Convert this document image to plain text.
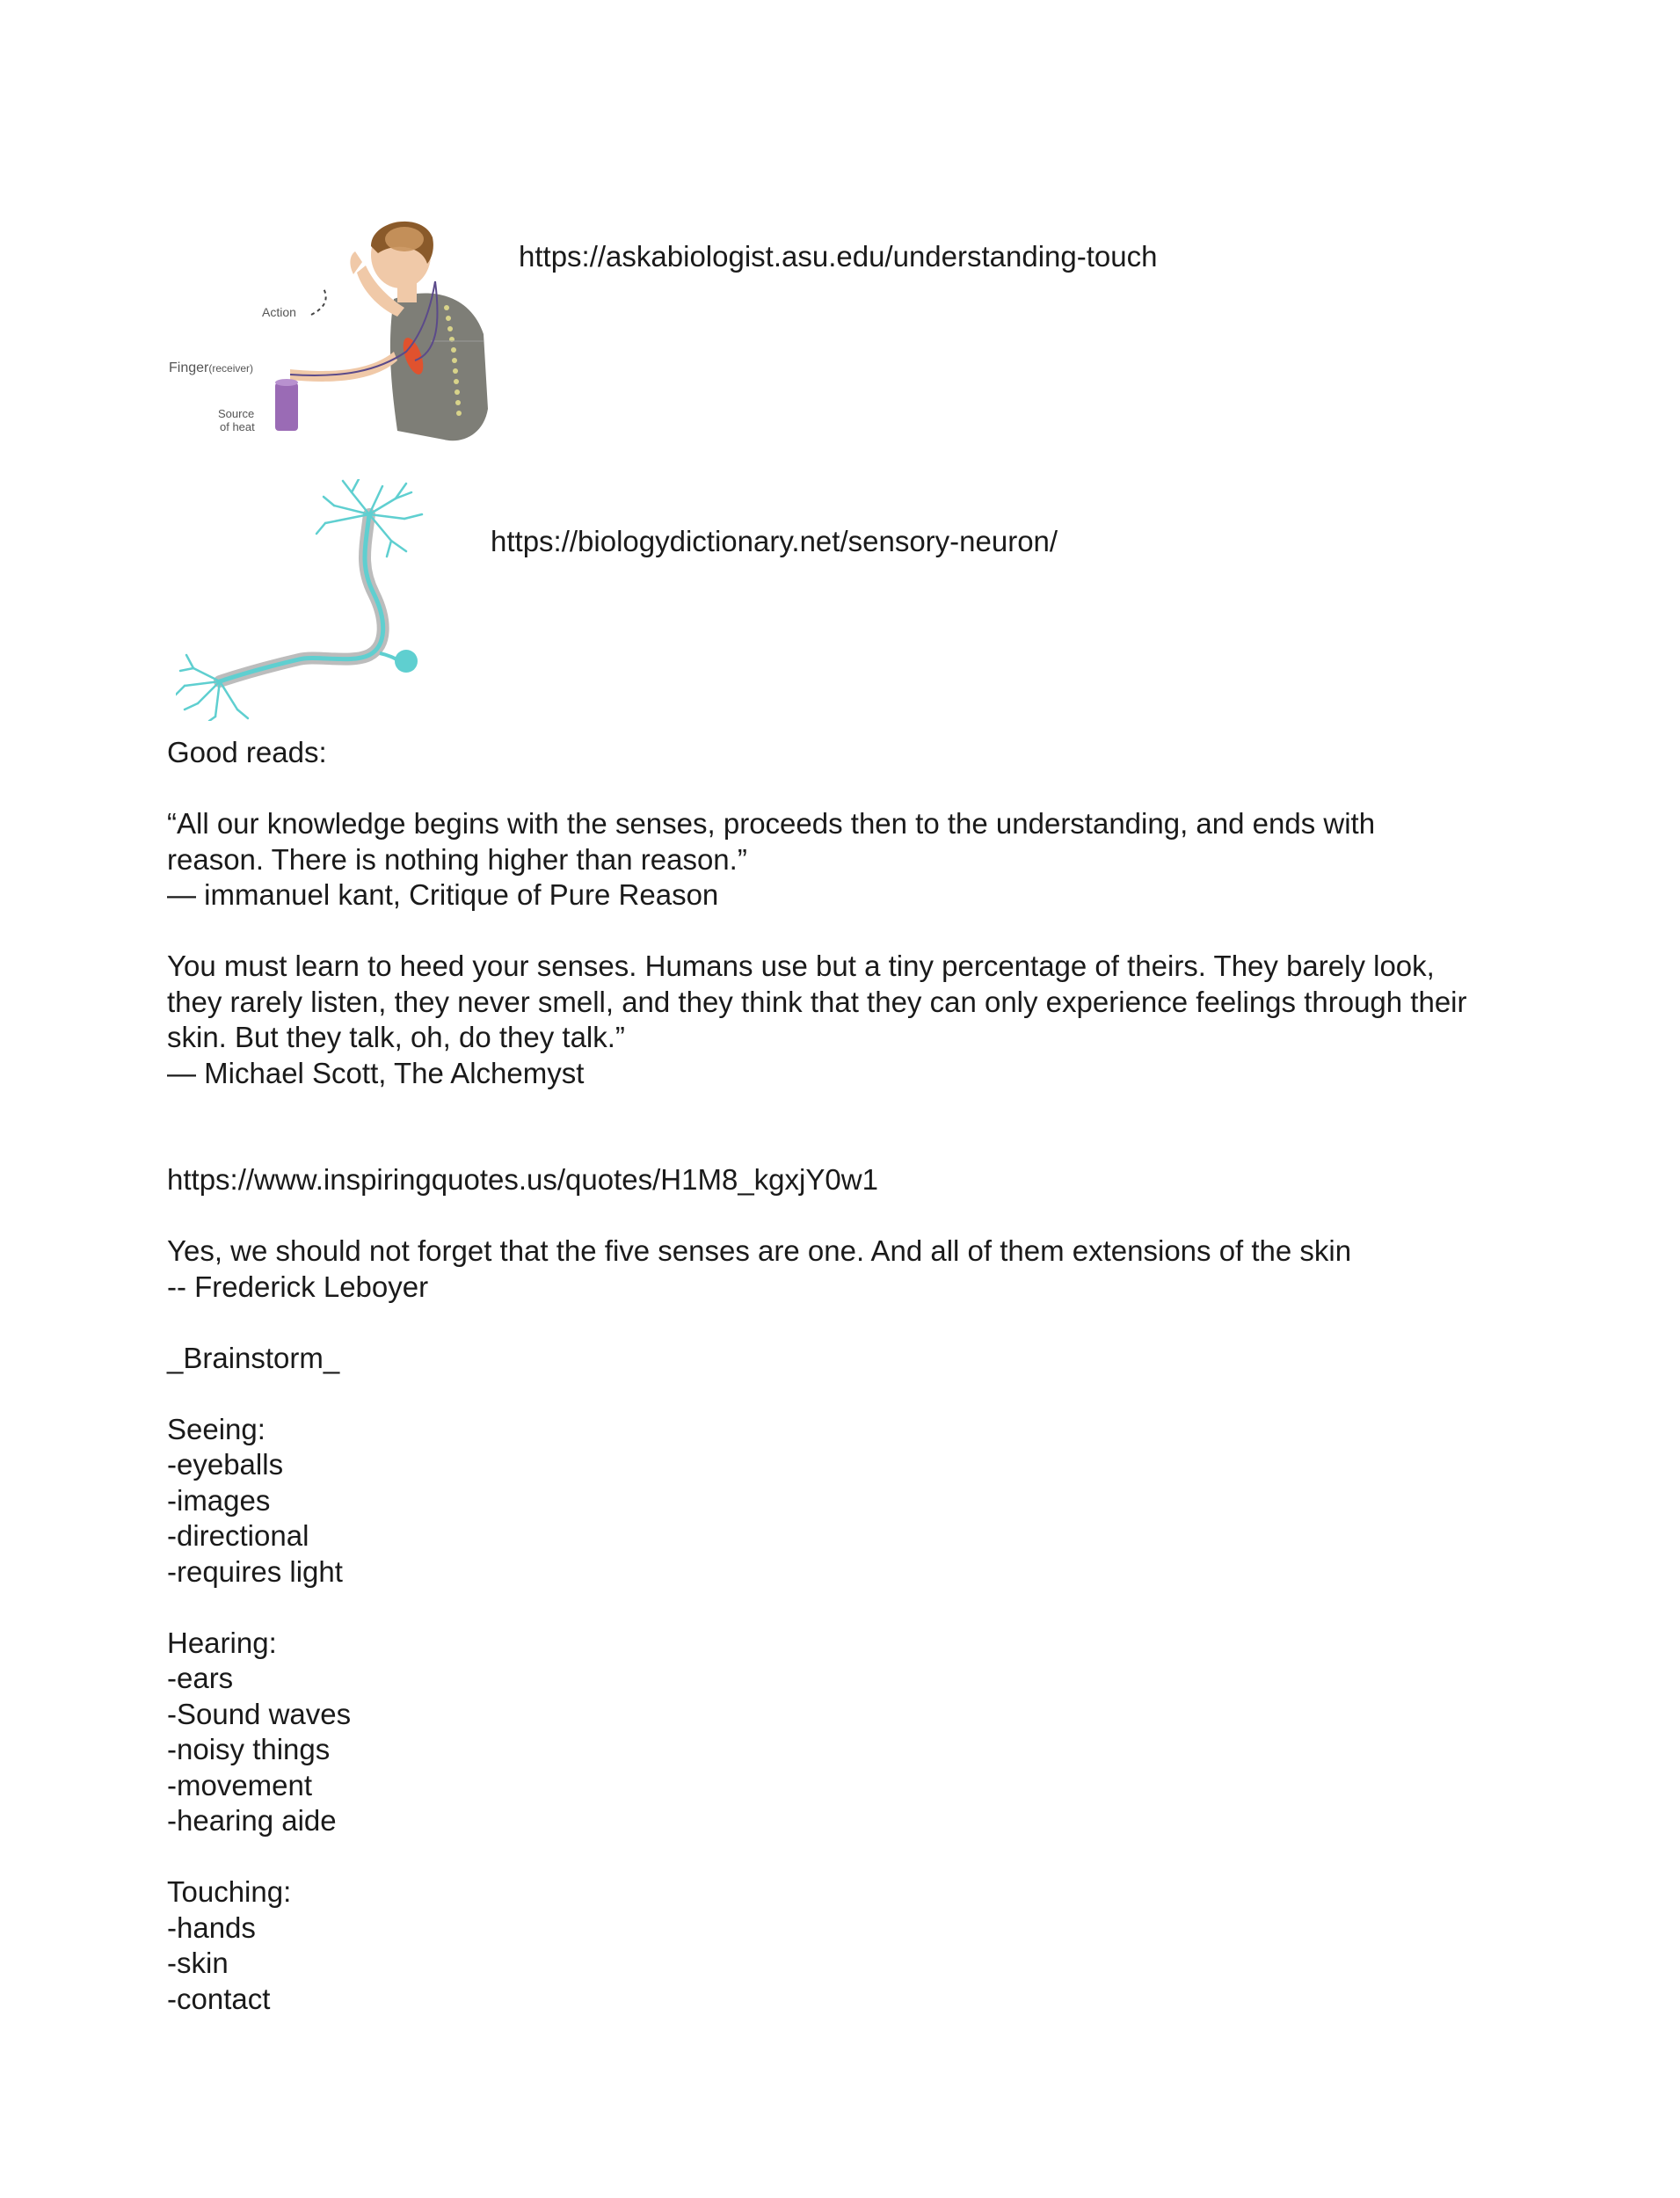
Action
Finger(receiver)
Source
of heat
https://askabiologist.asu.edu/understanding-touch
https://biologydictionary.net/sensory-neuron/
Good reads:
“All our knowledge begins with the senses, proceeds then to the understanding, and ends with
reason. There is nothing higher than reason.”
— immanuel kant, Critique of Pure Reason
You must learn to heed your senses. Humans use but a tiny percentage of theirs. They barely look,
they rarely listen, they never smell, and they think that they can only experience feelings through their
skin. But they talk, oh, do they talk.”
— Michael Scott, The Alchemyst
https://www.inspiringquotes.us/quotes/H1M8_kgxjY0w1
Yes, we should not forget that the five senses are one. And all of them extensions of the skin
-- Frederick Leboyer
_Brainstorm_
Seeing:
-eyeballs
-images
-directional
-requires light
Hearing:
-ears
-Sound waves
-noisy things
-movement
-hearing aide
Touching:
-hands
-skin
-contact
